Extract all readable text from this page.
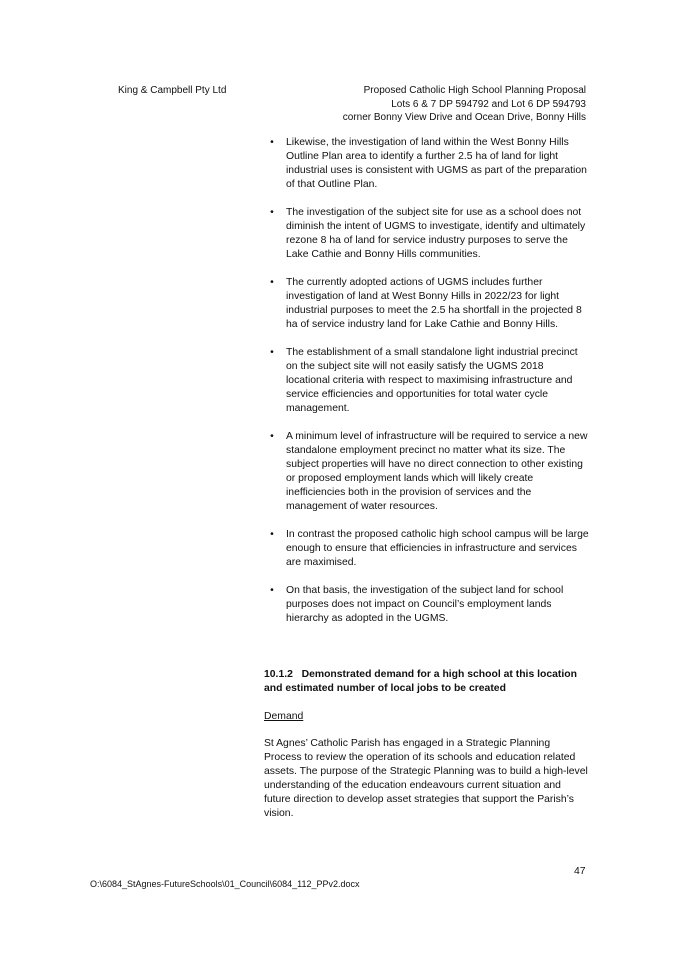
King & Campbell Pty Ltd	Proposed Catholic High School Planning Proposal
Lots 6 & 7 DP 594792 and Lot 6 DP 594793
corner Bonny View Drive and Ocean Drive, Bonny Hills
•	Likewise, the investigation of land within the West Bonny Hills Outline Plan area to identify a further 2.5 ha of land for light industrial uses is consistent with UGMS as part of the preparation of that Outline Plan.
•	The investigation of the subject site for use as a school does not diminish the intent of UGMS to investigate, identify and ultimately rezone 8 ha of land for service industry purposes to serve the Lake Cathie and Bonny Hills communities.
•	The currently adopted actions of UGMS includes further investigation of land at West Bonny Hills in 2022/23 for light industrial purposes to meet the 2.5 ha shortfall in the projected 8 ha of service industry land for Lake Cathie and Bonny Hills.
•	The establishment of a small standalone light industrial precinct on the subject site will not easily satisfy the UGMS 2018 locational criteria with respect to maximising infrastructure and service efficiencies and opportunities for total water cycle management.
•	A minimum level of infrastructure will be required to service a new standalone employment precinct no matter what its size. The subject properties will have no direct connection to other existing or proposed employment lands which will likely create inefficiencies both in the provision of services and the management of water resources.
•	In contrast the proposed catholic high school campus will be large enough to ensure that efficiencies in infrastructure and services are maximised.
•	On that basis, the investigation of the subject land for school purposes does not impact on Council’s employment lands hierarchy as adopted in the UGMS.
10.1.2 Demonstrated demand for a high school at this location and estimated number of local jobs to be created
Demand
St Agnes’ Catholic Parish has engaged in a Strategic Planning Process to review the operation of its schools and education related assets. The purpose of the Strategic Planning was to build a high-level understanding of the education endeavours current situation and future direction to develop asset strategies that support the Parish’s vision.
47
O:\6084_StAgnes-FutureSchools\01_Council\6084_112_PPv2.docx
